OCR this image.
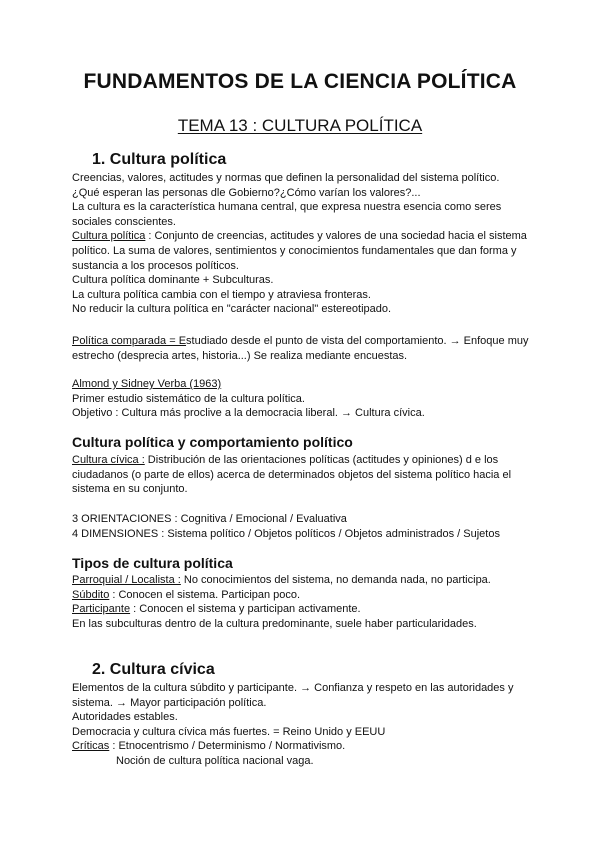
FUNDAMENTOS DE LA CIENCIA POLÍTICA
TEMA 13 : CULTURA POLÍTICA
1. Cultura política

Creencias, valores, actitudes y normas que definen la personalidad del sistema político.

¿Qué esperan las personas dle Gobierno?¿Cómo varían los valores?...

La cultura es la característica humana central, que expresa nuestra esencia como seres sociales conscientes.

Cultura política : Conjunto de creencias, actitudes y valores de una sociedad hacia el sistema político. La suma de valores, sentimientos y conocimientos fundamentales que dan forma y sustancia a los procesos políticos.

Cultura política dominante + Subculturas.

La cultura política cambia con el tiempo y atraviesa fronteras.

No reducir la cultura política en "carácter nacional" estereotipado.

Política comparada = Estudiado desde el punto de vista del comportamiento. → Enfoque muy estrecho (desprecia artes, historia...) Se realiza mediante encuestas.

Almond y Sidney Verba (1963)

Primer estudio sistemático de la cultura política.

Objetivo : Cultura más proclive a la democracia liberal. → Cultura cívica.

Cultura política y comportamiento político

Cultura cívica : Distribución de las orientaciones políticas (actitudes y opiniones) d e los ciudadanos (o parte de ellos) acerca de determinados objetos del sistema político hacia el sistema en su conjunto.

3 ORIENTACIONES : Cognitiva / Emocional / Evaluativa

4 DIMENSIONES : Sistema político / Objetos políticos / Objetos administrados / Sujetos

Tipos de cultura política

Parroquial / Localista : No conocimientos del sistema, no demanda nada, no participa.

Súbdito : Conocen el sistema. Participan poco.

Participante : Conocen el sistema y participan activamente.

En las subculturas dentro de la cultura predominante, suele haber particularidades.

2. Cultura cívica

Elementos de la cultura súbdito y participante. → Confianza y respeto en las autoridades y sistema. → Mayor participación política.

Autoridades estables.

Democracia y cultura cívica más fuertes. = Reino Unido y EEUU

Críticas : Etnocentrismo / Determinismo / Normativismo.

Noción de cultura política nacional vaga.
